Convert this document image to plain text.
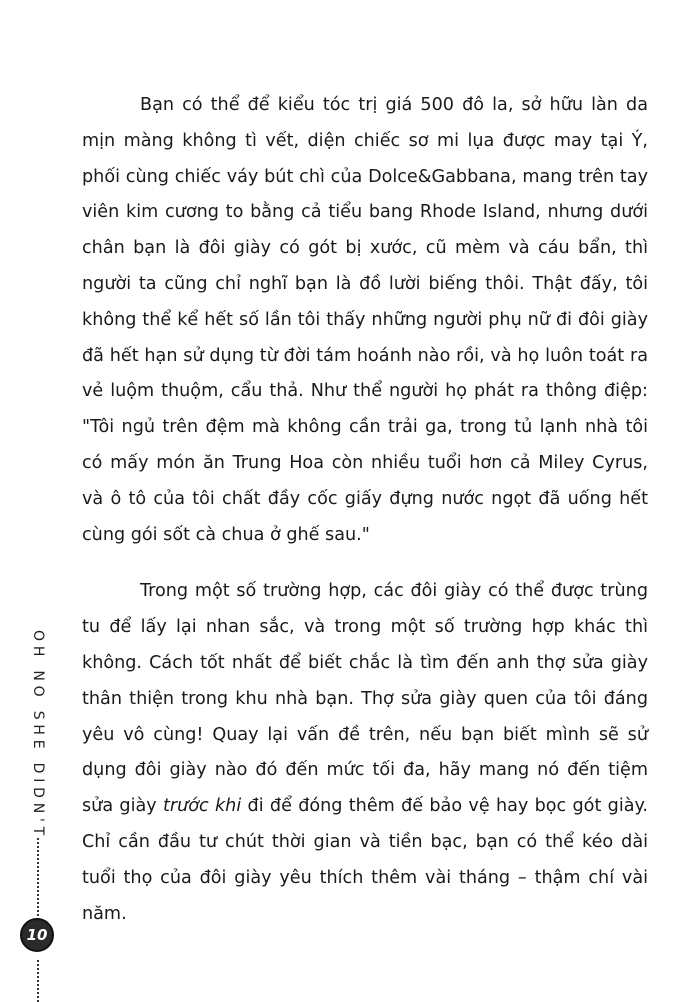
Bạn có thể để kiểu tóc trị giá 500 đô la, sở hữu làn da mịn màng không tì vết, diện chiếc sơ mi lụa được may tại Ý, phối cùng chiếc váy bút chì của Dolce&Gabbana, mang trên tay viên kim cương to bằng cả tiểu bang Rhode Island, nhưng dưới chân bạn là đôi giày có gót bị xước, cũ mèm và cáu bẩn, thì người ta cũng chỉ nghĩ bạn là đồ lười biếng thôi. Thật đấy, tôi không thể kể hết số lần tôi thấy những người phụ nữ đi đôi giày đã hết hạn sử dụng từ đời tám hoánh nào rồi, và họ luôn toát ra vẻ luộm thuộm, cẩu thả. Như thể người họ phát ra thông điệp: "Tôi ngủ trên đệm mà không cần trải ga, trong tủ lạnh nhà tôi có mấy món ăn Trung Hoa còn nhiều tuổi hơn cả Miley Cyrus, và ô tô của tôi chất đầy cốc giấy đựng nước ngọt đã uống hết cùng gói sốt cà chua ở ghế sau."

Trong một số trường hợp, các đôi giày có thể được trùng tu để lấy lại nhan sắc, và trong một số trường hợp khác thì không. Cách tốt nhất để biết chắc là tìm đến anh thợ sửa giày thân thiện trong khu nhà bạn. Thợ sửa giày quen của tôi đáng yêu vô cùng! Quay lại vấn đề trên, nếu bạn biết mình sẽ sử dụng đôi giày nào đó đến mức tối đa, hãy mang nó đến tiệm sửa giày trước khi đi để đóng thêm đế bảo vệ hay bọc gót giày. Chỉ cần đầu tư chút thời gian và tiền bạc, bạn có thể kéo dài tuổi thọ của đôi giày yêu thích thêm vài tháng – thậm chí vài năm.

OH NO SHE DIDN'T
10
